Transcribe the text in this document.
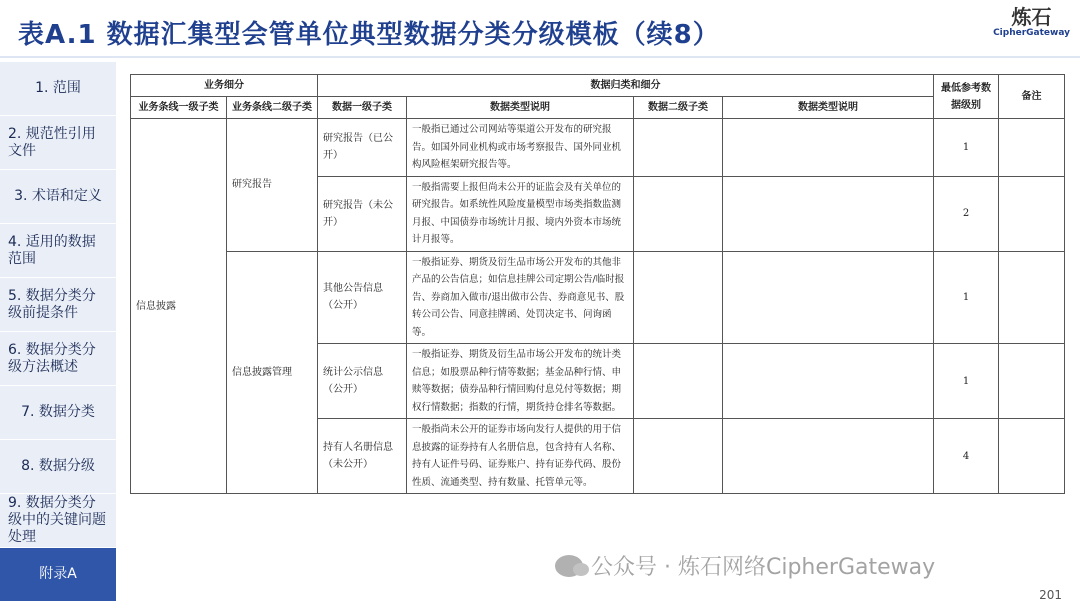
表A.1 数据汇集型会管单位典型数据分类分级模板（续8）
炼石
CipherGateway
1. 范围
2. 规范性引用文件
3. 术语和定义
4. 适用的数据范围
5. 数据分类分级前提条件
6. 数据分类分级方法概述
7. 数据分类
8. 数据分级
9. 数据分类分级中的关键问题处理
附录A
业务细分		数据归类和细分				最低参考数据级别	备注
业务条线一级子类	业务条线二级子类	数据一级子类	数据类型说明	数据二级子类	数据类型说明		
信息披露	研究报告	研究报告（已公开）	一般指已通过公司网站等渠道公开发布的研究报告。如国外同业机构或市场考察报告、国外同业机构风险框架研究报告等。			1	
		研究报告（未公开）	一般指需要上报但尚未公开的证监会及有关单位的研究报告。如系统性风险度量模型市场类指数监测月报、中国债券市场统计月报、境内外资本市场统计月报等。			2	
	信息披露管理	其他公告信息（公开）	一般指证券、期货及衍生品市场公开发布的其他非产品的公告信息；如信息挂牌公司定期公告/临时报告、券商加入做市/退出做市公告、券商意见书、股转公司公告、同意挂牌函、处罚决定书、问询函等。			1	
		统计公示信息（公开）	一般指证券、期货及衍生品市场公开发布的统计类信息；如股票品种行情等数据；基金品种行情、申赎等数据；债券品种行情回购付息兑付等数据；期权行情数据；指数的行情，期货持仓排名等数据。			1	
		持有人名册信息（未公开）	一般指尚未公开的证券市场向发行人提供的用于信息披露的证券持有人名册信息，包含持有人名称、持有人证件号码、证券账户、持有证券代码、股份性质、流通类型、持有数量、托管单元等。			4	
公众号 · 炼石网络CipherGateway
201
